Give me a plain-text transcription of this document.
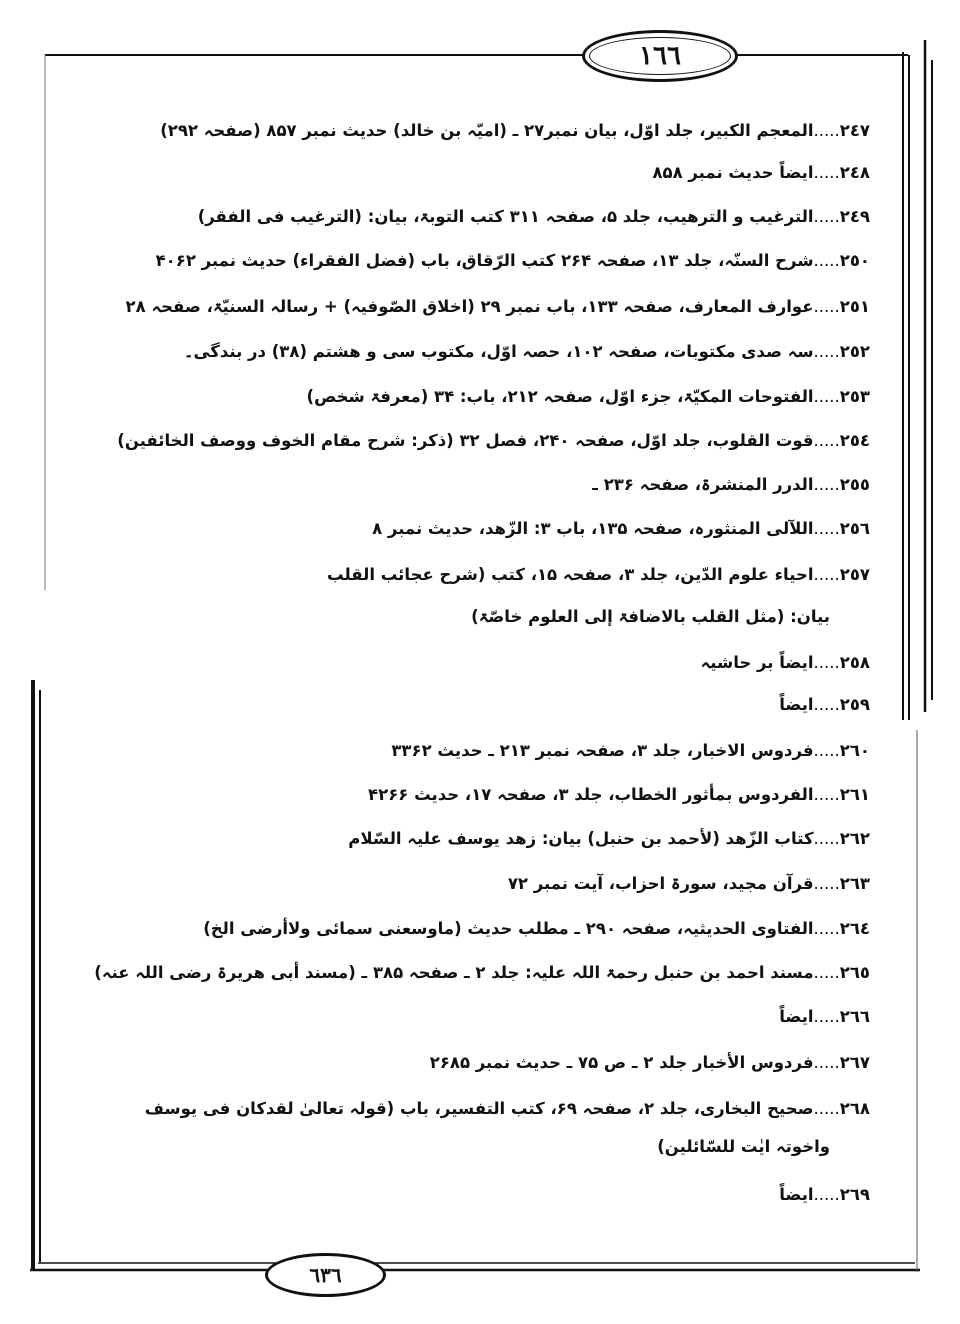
١٦٦
٦٣٦
٢٤٧.....المعجم الكبير، جلد اوّل، بیان نمبر۲۷ ـ (امیّہ بن خالد) حدیث نمبر ۸۵۷ (صفحہ ۲۹۲)
٢٤٨.....ایضاً حدیث نمبر ۸۵۸
٢٤٩.....الترغیب و الترھیب، جلد ۵، صفحہ ۳۱۱ کتب التوبۃ، بیان: (الترغیب فی الفقر)
٢٥٠.....شرح السنّہ، جلد ۱۳، صفحہ ۲۶۴ کتب الرّقاق، باب (فضل الفقراء) حدیث نمبر ۴۰۶۲
٢٥١.....عوارف المعارف، صفحہ ۱۳۳، باب نمبر ۲۹ (اخلاق الصّوفیہ) + رسالہ السنیّۃ، صفحہ ۲۸
٢٥٢.....سہ صدی مکتوبات، صفحہ ۱۰۲، حصہ اوّل، مکتوب سی و ھشتم (۳۸) در بندگی۔
٢٥٣.....الفتوحات المکیّۃ، جزء اوّل، صفحہ ۲۱۲، باب: ۳۴ (معرفۃ شخص)
٢٥٤.....قوت القلوب، جلد اوّل، صفحہ ۲۴۰، فصل ۳۲ (ذکر: شرح مقام الخوف ووصف الخائفین)
٢٥٥.....الدرر المنشرۃ، صفحہ ۲۳۶ ـ
٢٥٦.....اللآلی المنثورہ، صفحہ ۱۳۵، باب ۳: الزّھد، حدیث نمبر ۸
٢٥٧.....احیاء علوم الدّین، جلد ۳، صفحہ ۱۵، کتب (شرح عجائب القلب
بیان: (مثل القلب بالاضافۃ إلی العلوم خاصّۃ)
٢٥٨.....ایضاً بر حاشیہ
٢٥٩.....ایضاً
٢٦٠.....فردوس الاخبار، جلد ۳، صفحہ نمبر ۲۱۳ ـ حدیث ۳۳۶۲
٢٦١.....الفردوس بمأثور الخطاب، جلد ۳، صفحہ ۱۷، حدیث ۴۲۶۶
٢٦٢.....کتاب الزّھد (لأحمد بن حنبل) بیان: زھد یوسف علیہ السّلام
٢٦٣.....قرآن مجید، سورۃ احزاب، آیت نمبر ۷۲
٢٦٤.....الفتاوی الحدیثیہ، صفحہ ۲۹۰ ـ مطلب حدیث (ماوسعنی سمائی ولاأرضی الخ)
٢٦٥.....مسند احمد بن حنبل رحمۃ اللہ علیہ: جلد ۲ ـ صفحہ ۳۸۵ ـ (مسند أبی ھریرۃ رضی اللہ عنہ)
٢٦٦.....ایضاً
٢٦٧.....فردوس الأخبار جلد ۲ ـ ص ۷۵ ـ حدیث نمبر ۲۶۸۵
٢٦٨.....صحیح البخاری، جلد ۲، صفحہ ۶۹، کتب التفسیر، باب (قولہ تعالیٰ لقدکان فی یوسف
واخوتہ ایٰت للسّائلین)
٢٦٩.....ایضاً
